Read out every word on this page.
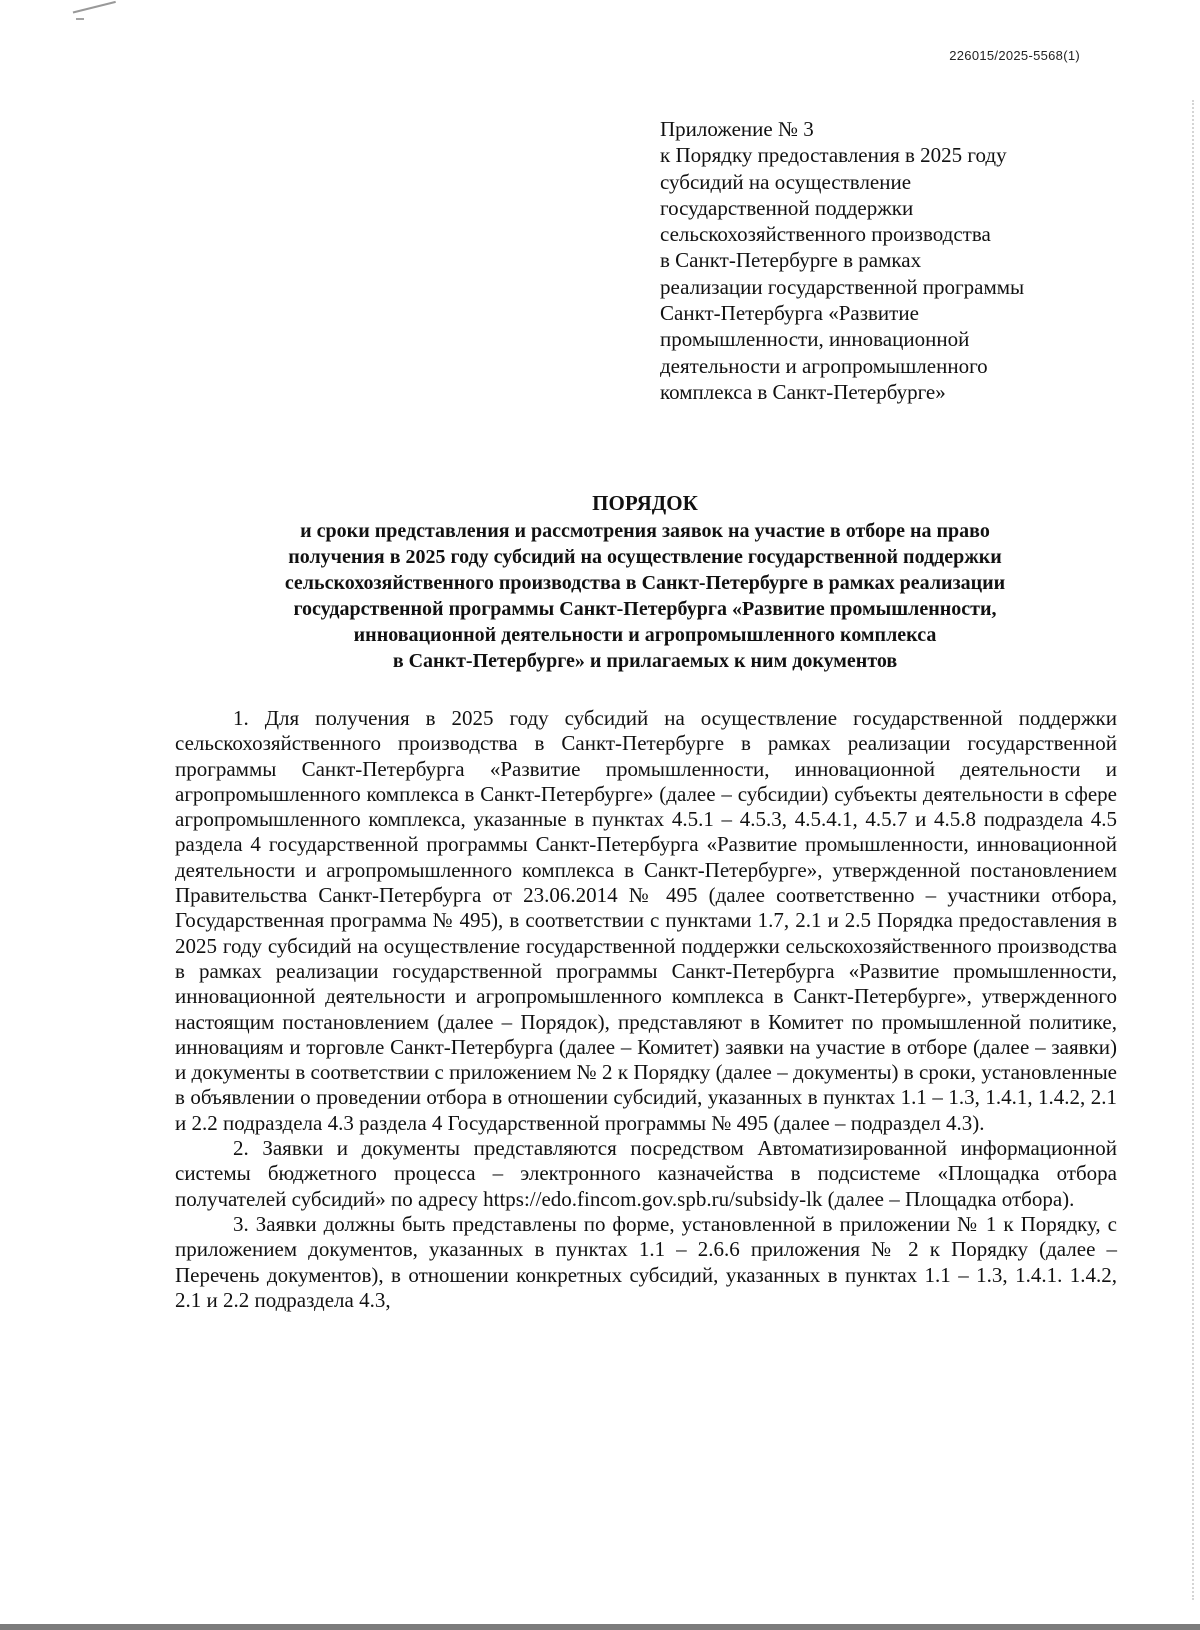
226015/2025-5568(1)
Приложение № 3
к Порядку предоставления в 2025 году
субсидий на осуществление
государственной поддержки
сельскохозяйственного производства
в Санкт-Петербурге в рамках
реализации государственной программы
Санкт-Петербурга «Развитие
промышленности, инновационной
деятельности и агропромышленного
комплекса в Санкт-Петербурге»
ПОРЯДОК
и сроки представления и рассмотрения заявок на участие в отборе на право
получения в 2025 году субсидий на осуществление государственной поддержки
сельскохозяйственного производства в Санкт-Петербурге в рамках реализации
государственной программы Санкт-Петербурга «Развитие промышленности,
инновационной деятельности и агропромышленного комплекса
в Санкт-Петербурге» и прилагаемых к ним документов

1. Для получения в 2025 году субсидий на осуществление государственной поддержки сельскохозяйственного производства в Санкт-Петербурге в рамках реализации государственной программы Санкт-Петербурга «Развитие промышленности, инновационной деятельности и агропромышленного комплекса в Санкт-Петербурге» (далее – субсидии) субъекты деятельности в сфере агропромышленного комплекса, указанные в пунктах 4.5.1 – 4.5.3, 4.5.4.1, 4.5.7 и 4.5.8 подраздела 4.5 раздела 4 государственной программы Санкт-Петербурга «Развитие промышленности, инновационной деятельности и агропромышленного комплекса в Санкт-Петербурге», утвержденной постановлением Правительства Санкт-Петербурга от 23.06.2014 № 495 (далее соответственно – участники отбора, Государственная программа № 495), в соответствии с пунктами 1.7, 2.1 и 2.5 Порядка предоставления в 2025 году субсидий на осуществление государственной поддержки сельскохозяйственного производства в рамках реализации государственной программы Санкт-Петербурга «Развитие промышленности, инновационной деятельности и агропромышленного комплекса в Санкт-Петербурге», утвержденного настоящим постановлением (далее – Порядок), представляют в Комитет по промышленной политике, инновациям и торговле Санкт-Петербурга (далее – Комитет) заявки на участие в отборе (далее – заявки) и документы в соответствии с приложением № 2 к Порядку (далее – документы) в сроки, установленные в объявлении о проведении отбора в отношении субсидий, указанных в пунктах 1.1 – 1.3, 1.4.1, 1.4.2, 2.1 и 2.2 подраздела 4.3 раздела 4 Государственной программы № 495 (далее – подраздел 4.3).

2. Заявки и документы представляются посредством Автоматизированной информационной системы бюджетного процесса – электронного казначейства в подсистеме «Площадка отбора получателей субсидий» по адресу https://edo.fincom.gov.spb.ru/subsidy-lk (далее – Площадка отбора).

3. Заявки должны быть представлены по форме, установленной в приложении № 1 к Порядку, с приложением документов, указанных в пунктах 1.1 – 2.6.6 приложения № 2 к Порядку (далее – Перечень документов), в отношении конкретных субсидий, указанных в пунктах 1.1 – 1.3, 1.4.1. 1.4.2, 2.1 и 2.2 подраздела 4.3,
